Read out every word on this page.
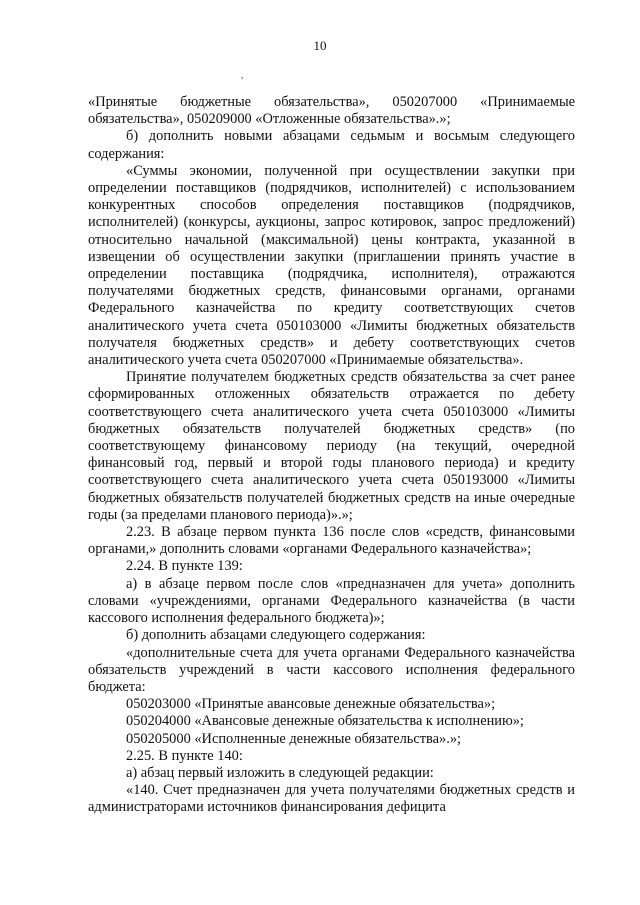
10
,

«Принятые бюджетные обязательства», 050207000 «Принимаемые обязательства», 050209000 «Отложенные обязательства».»;

б) дополнить новыми абзацами седьмым и восьмым следующего содержания:

«Суммы экономии, полученной при осуществлении закупки при определении поставщиков (подрядчиков, исполнителей) с использованием конкурентных способов определения поставщиков (подрядчиков, исполнителей) (конкурсы, аукционы, запрос котировок, запрос предложений) относительно начальной (максимальной) цены контракта, указанной в извещении об осуществлении закупки (приглашении принять участие в определении поставщика (подрядчика, исполнителя), отражаются получателями бюджетных средств, финансовыми органами, органами Федерального казначейства по кредиту соответствующих счетов аналитического учета счета 050103000 «Лимиты бюджетных обязательств получателя бюджетных средств» и дебету соответствующих счетов аналитического учета счета 050207000 «Принимаемые обязательства».

Принятие получателем бюджетных средств обязательства за счет ранее сформированных отложенных обязательств отражается по дебету соответствующего счета аналитического учета счета 050103000 «Лимиты бюджетных обязательств получателей бюджетных средств» (по соответствующему финансовому периоду (на текущий, очередной финансовый год, первый и второй годы планового периода) и кредиту соответствующего счета аналитического учета счета 050193000 «Лимиты бюджетных обязательств получателей бюджетных средств на иные очередные годы (за пределами планового периода)».»;

2.23. В абзаце первом пункта 136 после слов «средств, финансовыми органами,» дополнить словами «органами Федерального казначейства»;

2.24. В пункте 139:

а) в абзаце первом после слов «предназначен для учета» дополнить словами «учреждениями, органами Федерального казначейства (в части кассового исполнения федерального бюджета)»;

б) дополнить абзацами следующего содержания:

«дополнительные счета для учета органами Федерального казначейства обязательств учреждений в части кассового исполнения федерального бюджета:

050203000 «Принятые авансовые денежные обязательства»;

050204000 «Авансовые денежные обязательства к исполнению»;

050205000 «Исполненные денежные обязательства».»;

2.25. В пункте 140:

а) абзац первый изложить в следующей редакции:

«140. Счет предназначен для учета получателями бюджетных средств и администраторами источников финансирования дефицита
